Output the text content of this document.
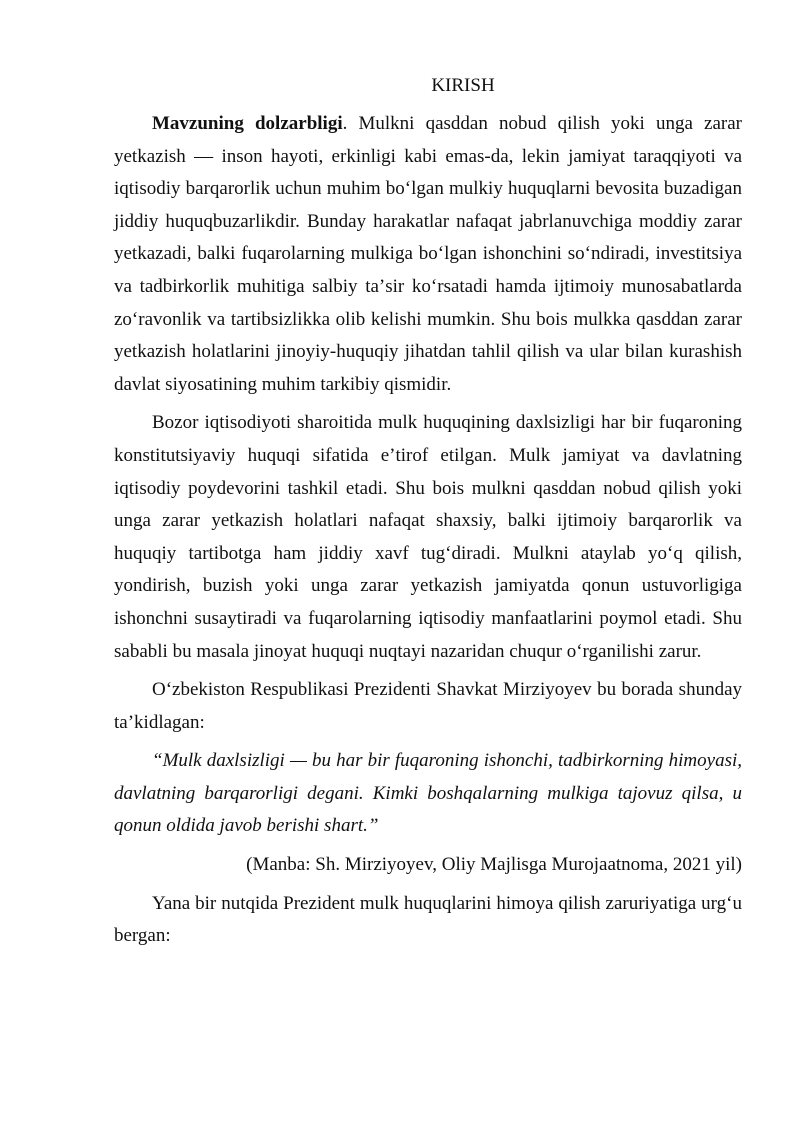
KIRISH

Mavzuning dolzarbligi. Mulkni qasddan nobud qilish yoki unga zarar yetkazish — inson hayoti, erkinligi kabi emas-da, lekin jamiyat taraqqiyoti va iqtisodiy barqarorlik uchun muhim boʻlgan mulkiy huquqlarni bevosita buzadigan jiddiy huquqbuzarlikdir. Bunday harakatlar nafaqat jabrlanuvchiga moddiy zarar yetkazadi, balki fuqarolarning mulkiga boʻlgan ishonchini soʻndiradi, investitsiya va tadbirkorlik muhitiga salbiy taʼsir koʻrsatadi hamda ijtimoiy munosabatlarda zoʻravonlik va tartibsizlikka olib kelishi mumkin. Shu bois mulkka qasddan zarar yetkazish holatlarini jinoyiy-huquqiy jihatdan tahlil qilish va ular bilan kurashish davlat siyosatining muhim tarkibiy qismidir.

Bozor iqtisodiyoti sharoitida mulk huquqining daxlsizligi har bir fuqaroning konstitutsiyaviy huquqi sifatida eʼtirof etilgan. Mulk jamiyat va davlatning iqtisodiy poydevorini tashkil etadi. Shu bois mulkni qasddan nobud qilish yoki unga zarar yetkazish holatlari nafaqat shaxsiy, balki ijtimoiy barqarorlik va huquqiy tartibotga ham jiddiy xavf tugʻdiradi. Mulkni ataylab yoʻq qilish, yondirish, buzish yoki unga zarar yetkazish jamiyatda qonun ustuvorligiga ishonchni susaytiradi va fuqarolarning iqtisodiy manfaatlarini poymol etadi. Shu sababli bu masala jinoyat huquqi nuqtayi nazaridan chuqur oʻrganilishi zarur.

Oʻzbekiston Respublikasi Prezidenti Shavkat Mirziyoyev bu borada shunday taʼkidlagan:

“Mulk daxlsizligi — bu har bir fuqaroning ishonchi, tadbirkorning himoyasi, davlatning barqarorligi degani. Kimki boshqalarning mulkiga tajovuz qilsa, u qonun oldida javob berishi shart.”

(Manba: Sh. Mirziyoyev, Oliy Majlisga Murojaatnoma, 2021 yil)

Yana bir nutqida Prezident mulk huquqlarini himoya qilish zaruriyatiga urgʻu bergan:
